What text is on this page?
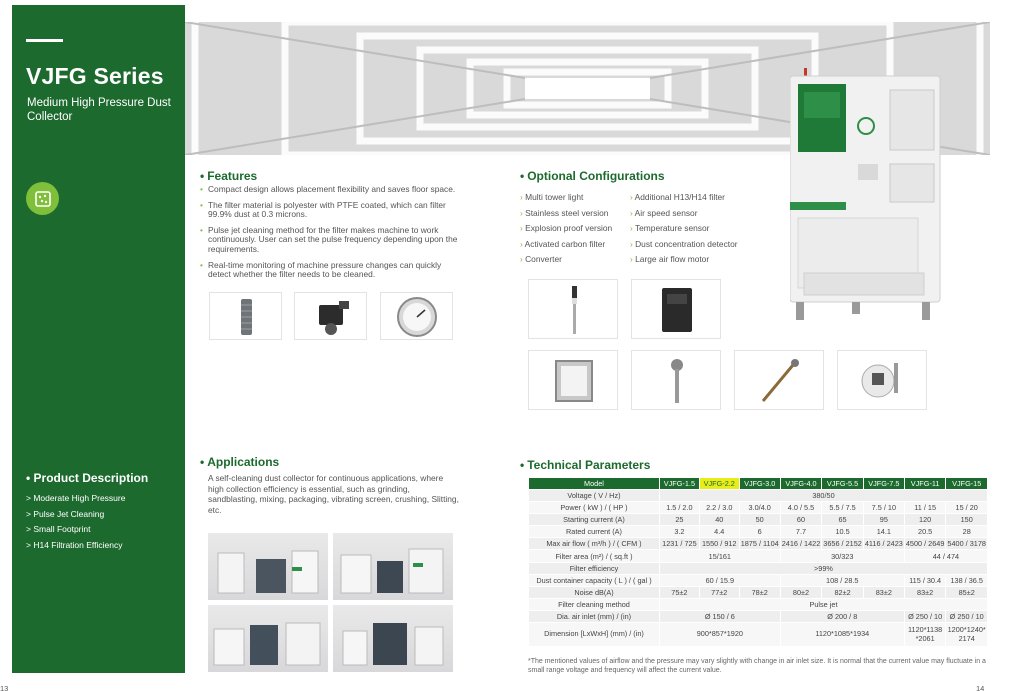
VJFG Series
Medium High Pressure Dust Collector
• Product Description
> Moderate High Pressure
> Pulse Jet Cleaning
> Small Footprint
> H14 Filtration Efficiency
• Features
• Compact design allows placement flexibility and saves floor space.
• The filter material is polyester with PTFE coated, which can filter 99.9% dust at 0.3 microns.
• Pulse jet cleaning method for the filter makes machine to work continuously. User can set the pulse frequency depending upon the requirements.
• Real-time monitoring of machine pressure changes can quickly detect whether the filter needs to be cleaned.
• Optional Configurations
› Multi tower light
› Stainless steel version
› Explosion proof version
› Activated carbon filter
› Converter
› Additional H13/H14 filter
› Air speed sensor
› Temperature sensor
› Dust concentration detector
› Large air flow motor
• Applications

A self-cleaning dust collector for continuous applications, where high collection efficiency is essential, such as grinding, sandblasting, mixing, packaging, vibrating screen, crushing, Slitting, etc.

• Technical Parameters
Model	VJFG-1.5	VJFG-2.2	VJFG-3.0	VJFG-4.0	VJFG-5.5	VJFG-7.5	VJFG-11	VJFG-15
Voltage ( V / Hz)	380/50							
Power ( kW ) / ( HP )	1.5 / 2.0	2.2 / 3.0	3.0/4.0	4.0 / 5.5	5.5 / 7.5	7.5 / 10	11 / 15	15 / 20
Starting current (A)	25	40	50	60	65	95	120	150
Rated current (A)	3.2	4.4	6	7.7	10.5	14.1	20.5	28
Max air flow ( m³/h ) / ( CFM )	1231 / 725	1550 / 912	1875 / 1104	2416 / 1422	3656 / 2152	4116 / 2423	4500 / 2649	5400 / 3178
Filter area (m²) / ( sq.ft )	15/161			30/323			44 / 474	
Filter efficiency	>99%							
Dust container capacity ( L ) / ( gal )	60 / 15.9			108 / 28.5			115 / 30.4	138 / 36.5
Noise dB(A)	75±2	77±2	78±2	80±2	82±2	83±2	83±2	85±2
Filter cleaning method	Pulse jet							
Dia. air inlet (mm) / (in)	Ø 150 / 6			Ø 200 / 8			Ø 250 / 10	Ø 250 / 10
Dimension [LxWxH] (mm) / (in)	900*857*1920			1120*1085*1934			1120*1138 *2061	1200*1240* 2174

*The mentioned values of airflow and the pressure may vary slightly with change in air inlet size. It is normal that the current value may fluctuate in a small range voltage and frequency will affect the current value.

13	14
